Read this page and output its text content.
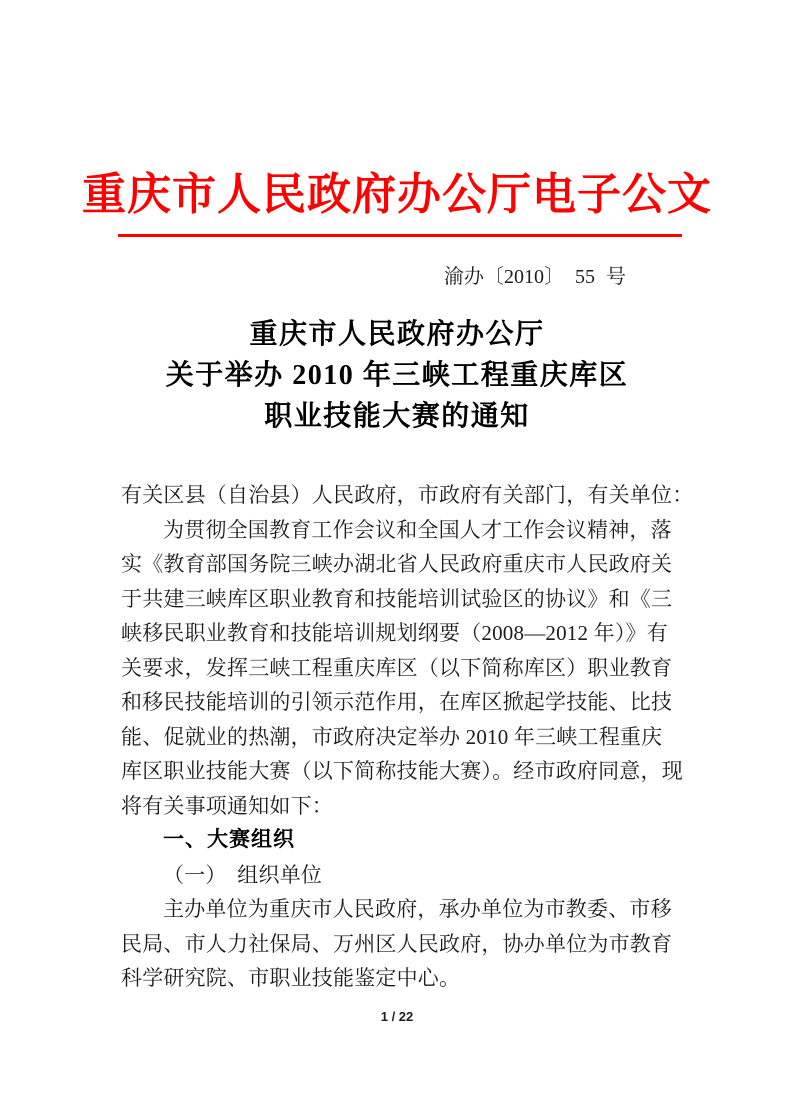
重庆市人民政府办公厅电子公文
渝办〔2010〕 55 号
重庆市人民政府办公厅
关于举办 2010 年三峡工程重庆库区
职业技能大赛的通知
有关区县（自治县）人民政府，市政府有关部门，有关单位：
为贯彻全国教育工作会议和全国人才工作会议精神，落
实《教育部国务院三峡办湖北省人民政府重庆市人民政府关
于共建三峡库区职业教育和技能培训试验区的协议》和《三
峡移民职业教育和技能培训规划纲要（2008—2012 年）》有
关要求，发挥三峡工程重庆库区（以下简称库区）职业教育
和移民技能培训的引领示范作用，在库区掀起学技能、比技
能、促就业的热潮，市政府决定举办 2010 年三峡工程重庆
库区职业技能大赛（以下简称技能大赛）。经市政府同意，现
将有关事项通知如下：
一、大赛组织
（一）　组织单位
主办单位为重庆市人民政府，承办单位为市教委、市移
民局、市人力社保局、万州区人民政府，协办单位为市教育
科学研究院、市职业技能鉴定中心。
1 / 22
